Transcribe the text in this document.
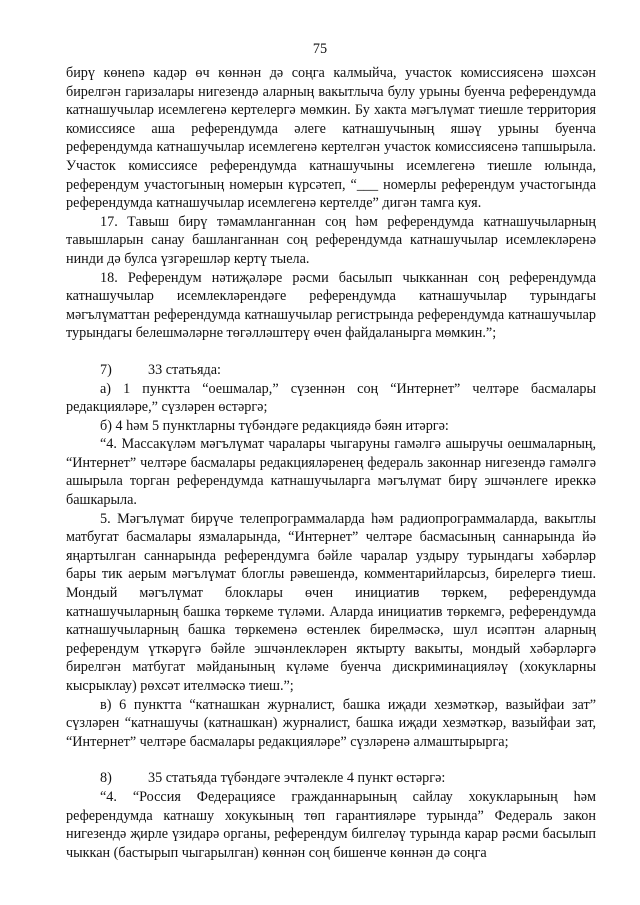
75

бирү көнenә кадәр өч көннән дә соңга калмыйча, участок комиссиясенә шәхсән бирелгән гаризалары нигезендә аларның вакытлыча булу урыны буенча референдумда катнашучылар исемлегенә кертелергә мөмкин. Бу хакта мәгълүмат тиешле территория комиссиясе аша референдумда әлеге катнашучының яшәү урыны буенча референдумда катнашучылар исемлегенә кертелгән участок комиссиясенә тапшырыла. Участок комиссиясе референдумда катнашучыны исемлегенә тиешле юлында, референдум участогының номерын күрсәтеп, “___ номерлы референдум участогында референдумда катнашучылар исемлегенә кертелде” дигән тамга куя.

17. Тавыш бирү тәмамланганнан соң һәм референдумда катнашучыларның тавышларын санау башланганнан соң референдумда катнашучылар исемлекләренә нинди дә булса үзгәрешләр кертү тыела.

18. Референдум нәтиҗәләре рәсми басылып чыкканнан соң референдумда катнашучылар исемлекләрендәге референдумда катнашучылар турындагы мәгълүматтан референдумда катнашучылар регистрында референдумда катнашучылар турындагы белешмәләрне төгәлләштерү өчен файдаланырга мөмкин.”;

7)	33 статьяда:

а) 1 пунктта “оешмалар,” сүзеннән соң “Интернет” челтәре басмалары редакцияләре,” сүзләрен өстәргә;

б) 4 һәм 5 пунктларны түбәндәге редакциядә бәян итәргә:

“4. Массакүләм мәгълүмат чаралары чыгаруны гамәлгә ашыручы оешмаларның, “Интернет” челтәре басмалары редакцияләренең федераль законнар нигезендә гамәлгә ашырыла торган референдумда катнашучыларга мәгълүмат бирү эшчәнлеге иреккә башкарыла.

5. Мәгълүмат бирүче телепрограммаларда һәм радиопрограммаларда, вакытлы матбугат басмалары язмаларында, “Интернет” челтәре басмасының саннарында йә яңартылган саннарында референдумга бәйле чаралар уздыру турындагы хәбәрләр бары тик аерым мәгълүмат блоглы рәвешендә, комментарийларсыз, бирелергә тиеш. Мондый мәгълүмат блоклары өчен инициатив төркем, референдумда катнашучыларның башка төркеме түләми. Аларда инициатив төркемгә, референдумда катнашучыларның башка төркеменә өстенлек бирелмәскә, шул исәптән аларның референдум үткәрүгә бәйле эшчәнлекләрен яктырту вакыты, мондый хәбәрләргә бирелгән матбугат мәйданының күләме буенча дискриминацияләү (хокукларны кысрыклау) рөхсәт ителмәскә тиеш.”;

в) 6 пунктта “катнашкан журналист, башка иҗади хезмәткәр, вазыйфаи зат” сүзләрен “катнашучы (катнашкан) журналист, башка иҗади хезмәткәр, вазыйфаи зат, “Интернет” челтәре басмалары редакцияләре” сүзләренә алмаштырырга;

8)	35 статьяда түбәндәге эчтәлекле 4 пункт өстәргә:

“4. “Россия Федерациясе гражданнарының сайлау хокукларының һәм референдумда катнашу хокукының төп гарантияләре турында” Федераль закон нигезендә җирле үзидарә органы, референдум билгеләү турында карар рәсми басылып чыккан (бастырып чыгарылган) көннән соң бишенче көннән дә соңга
